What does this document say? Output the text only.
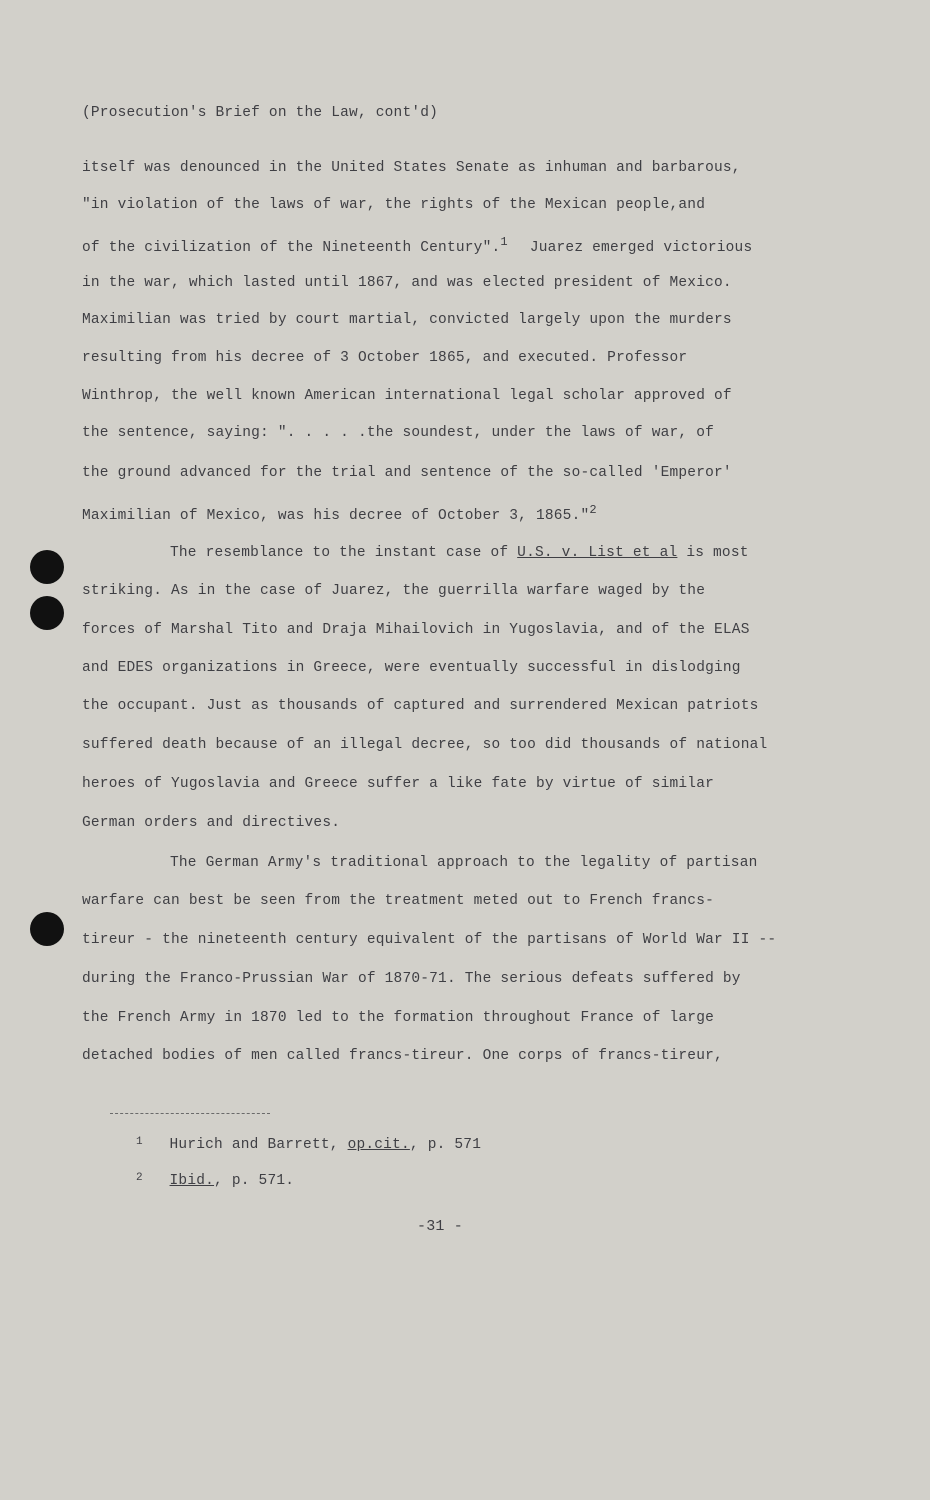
(Prosecution's Brief on the Law, cont'd)
itself was denounced in the United States Senate as inhuman and barbarous,
"in violation of the laws of war, the rights of the Mexican people,and
of the civilization of the Nineteenth Century".$^1$ Juarez emerged victorious
in the war, which lasted until 1867, and was elected president of Mexico.
Maximilian was tried by court martial, convicted largely upon the murders
resulting from his decree of 3 October 1865, and executed. Professor
Winthrop, the well known American international legal scholar approved of
the sentence, saying: ". . . . .the soundest, under the laws of war, of
the ground advanced for the trial and sentence of the so-called 'Emperor'
Maximilian of Mexico, was his decree of October 3, 1865."$^2$
The resemblance to the instant case of U.S. v. List et al is most
striking. As in the case of Juarez, the guerrilla warfare waged by the
forces of Marshal Tito and Draja Mihailovich in Yugoslavia, and of the ELAS
and EDES organizations in Greece, were eventually successful in dislodging
the occupant. Just as thousands of captured and surrendered Mexican patriots
suffered death because of an illegal decree, so too did thousands of national
heroes of Yugoslavia and Greece suffer a like fate by virtue of similar
German orders and directives.
The German Army's traditional approach to the legality of partisan
warfare can best be seen from the treatment meted out to French francs-
tireur - the nineteenth century equivalent of the partisans of World War II --
during the Franco-Prussian War of 1870-71. The serious defeats suffered by
the French Army in 1870 led to the formation throughout France of large
detached bodies of men called francs-tireur. One corps of francs-tireur,
$^1$ Hurich and Barrett, op.cit., p. 571
$^2$ Ibid., p. 571.
-31 -
